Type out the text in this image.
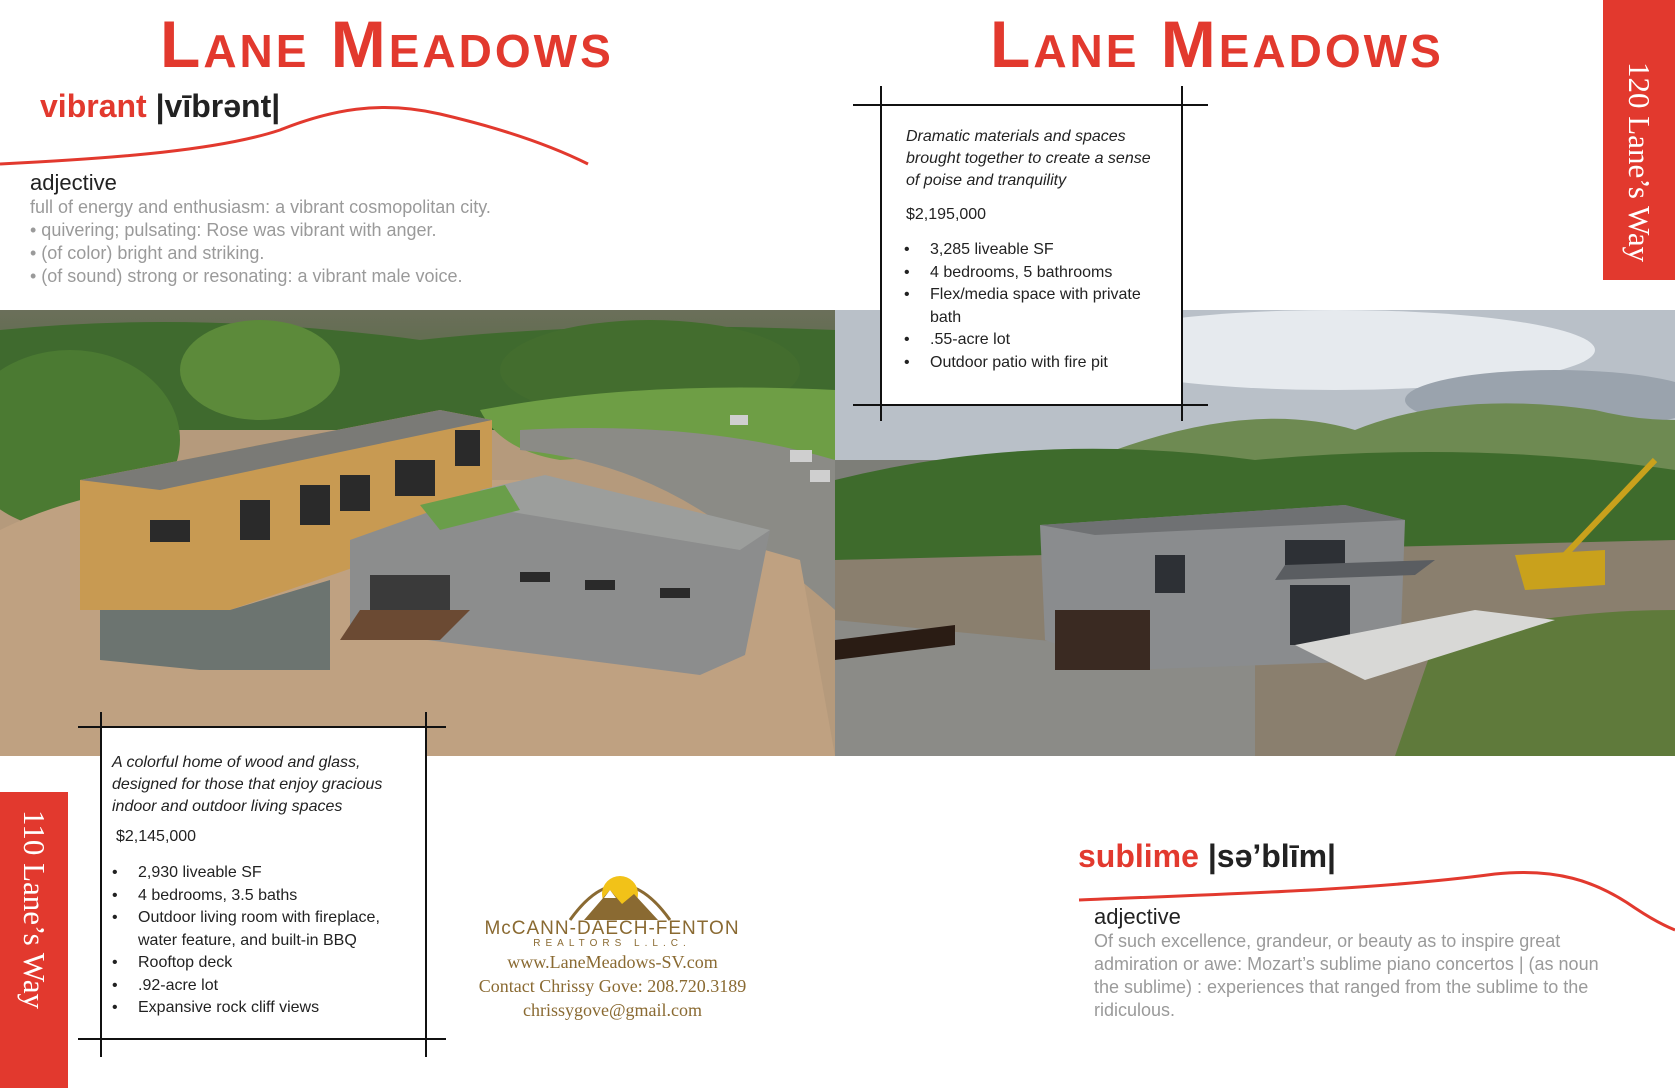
Lane Meadows
vibrant |vībrənt|
adjective
full of energy and enthusiasm: a vibrant cosmopolitan city.
• quivering; pulsating: Rose was vibrant with anger.
• (of color) bright and striking.
• (of sound) strong or resonating: a vibrant male voice.
A colorful home of wood and glass, designed for those that enjoy gracious indoor and outdoor living spaces
$2,145,000
• 2,930 liveable SF
• 4 bedrooms, 3.5 baths
• Outdoor living room with fireplace, water feature, and built-in BBQ
• Rooftop deck
• .92-acre lot
• Expansive rock cliff views
110 Lane’s Way	McCANN-DAECH-FENTON
REALTORS L.L.C.
www.LaneMeadows-SV.com
Contact Chrissy Gove: 208.720.3189
chrissygove@gmail.com
Lane Meadows
Dramatic materials and spaces brought together to create a sense of poise and tranquility
$2,195,000
• 3,285 liveable SF
• 4 bedrooms, 5 bathrooms
• Flex/media space with private bath
• .55-acre lot
• Outdoor patio with fire pit
120 Lane’s Way
sublime |sə’blīm|
adjective
Of such excellence, grandeur, or beauty as to inspire great
admiration or awe: Mozart’s sublime piano concertos | (as noun
the sublime) : experiences that ranged from the sublime to the
ridiculous.
